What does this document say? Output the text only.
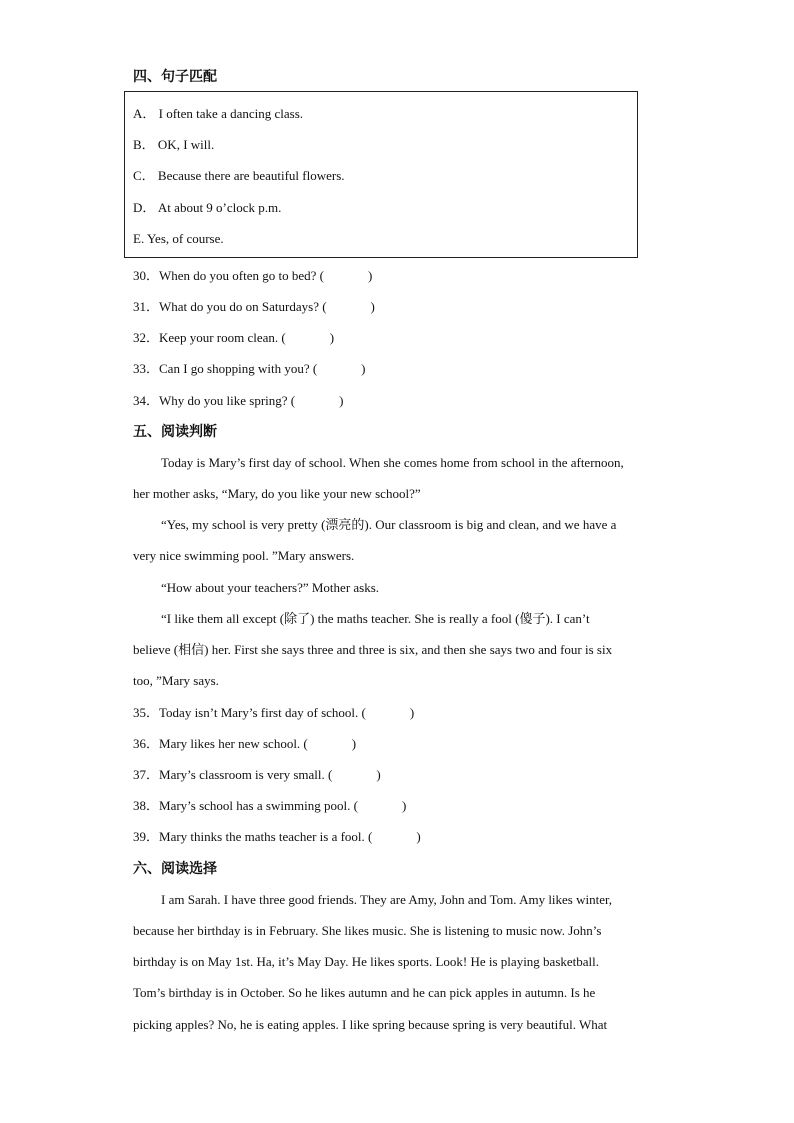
四、句子匹配
A． I often take a dancing class.
B． OK, I will.
C． Because there are beautiful flowers.
D． At about 9 o’clock p.m.
E. Yes, of course.
30．When do you often go to bed? (	)
31．What do you do on Saturdays? (	)
32．Keep your room clean. (	)
33．Can I go shopping with you? (	)
34．Why do you like spring? (	)
五、阅读判断
Today is Mary’s first day of school. When she comes home from school in the afternoon,
her mother asks, “Mary, do you like your new school?”
“Yes, my school is very pretty (漂亮的). Our classroom is big and clean, and we have a
very nice swimming pool. ”Mary answers.
“How about your teachers?” Mother asks.
“I like them all except (除了) the maths teacher. She is really a fool (傻子). I can’t
believe (相信) her. First she says three and three is six, and then she says two and four is six
too, ”Mary says.
35．Today isn’t Mary’s first day of school. (	)
36．Mary likes her new school. (	)
37．Mary’s classroom is very small. (	)
38．Mary’s school has a swimming pool. (	)
39．Mary thinks the maths teacher is a fool. (	)
六、阅读选择
I am Sarah. I have three good friends. They are Amy, John and Tom. Amy likes winter,
because her birthday is in February. She likes music. She is listening to music now. John’s
birthday is on May 1st. Ha, it’s May Day. He likes sports. Look! He is playing basketball.
Tom’s birthday is in October. So he likes autumn and he can pick apples in autumn. Is he
picking apples? No, he is eating apples. I like spring because spring is very beautiful. What
